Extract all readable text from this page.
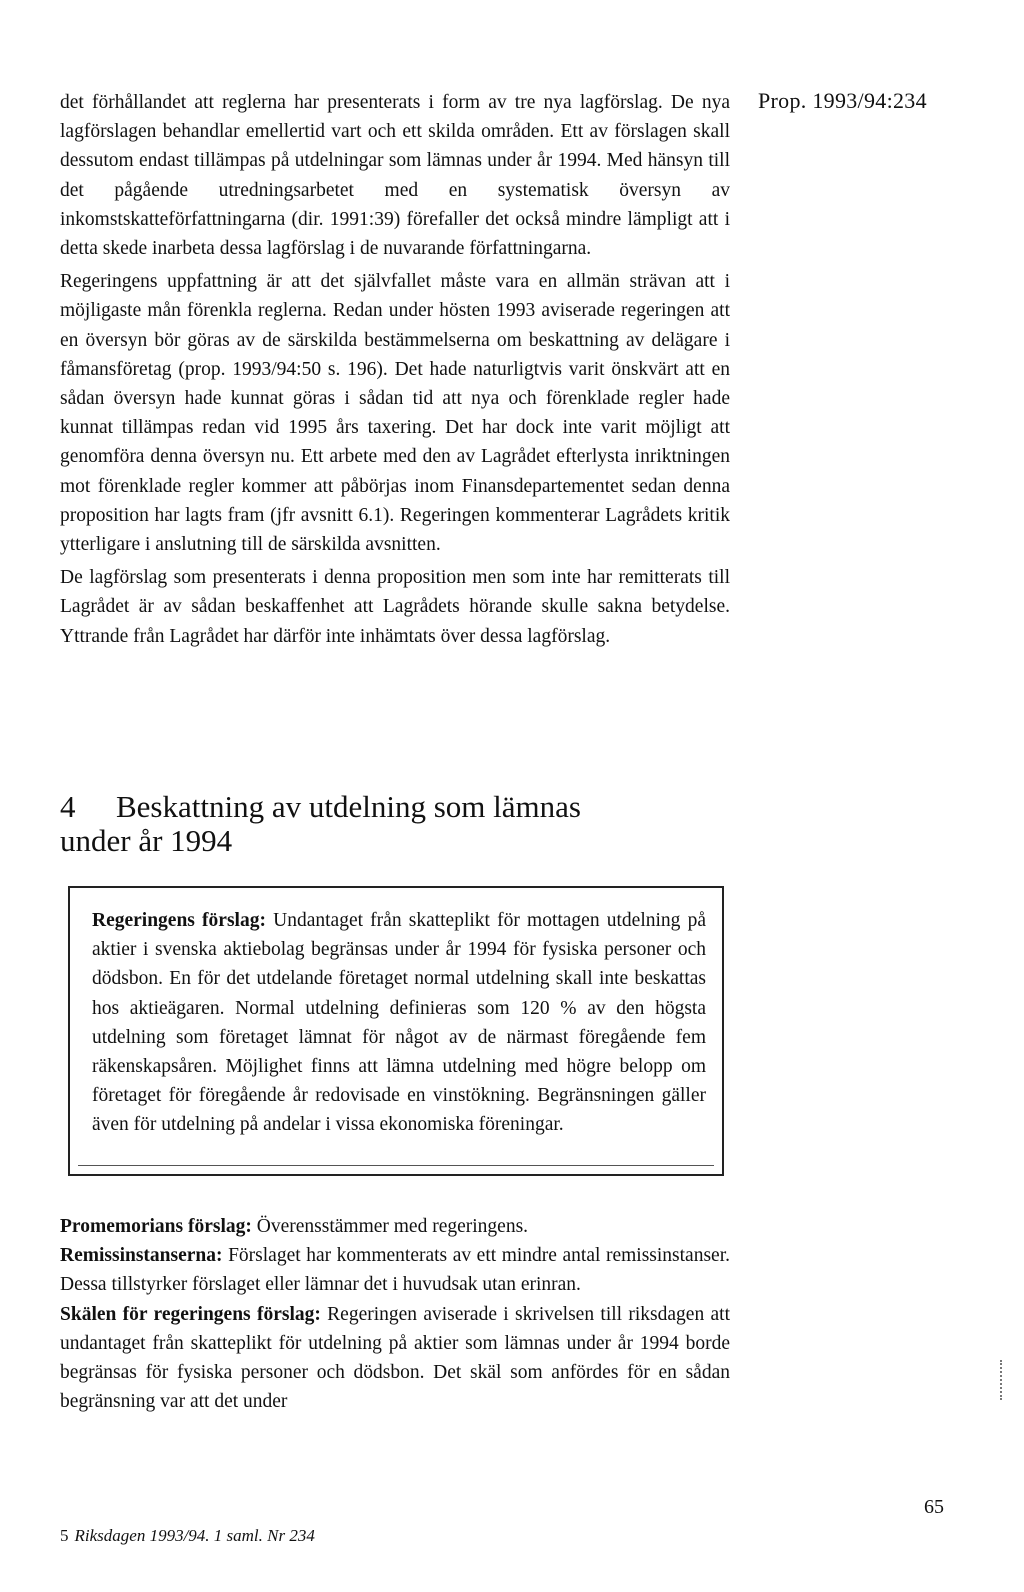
Prop. 1993/94:234

det förhållandet att reglerna har presenterats i form av tre nya lagförslag. De nya lagförslagen behandlar emellertid vart och ett skilda områden. Ett av förslagen skall dessutom endast tillämpas på utdelningar som lämnas under år 1994. Med hänsyn till det pågående utredningsarbetet med en systematisk översyn av inkomstskatteförfattningarna (dir. 1991:39) förefaller det också mindre lämpligt att i detta skede inarbeta dessa lagförslag i de nuvarande författningarna.

Regeringens uppfattning är att det självfallet måste vara en allmän strävan att i möjligaste mån förenkla reglerna. Redan under hösten 1993 aviserade regeringen att en översyn bör göras av de särskilda bestämmelserna om beskattning av delägare i fåmansföretag (prop. 1993/94:50 s. 196). Det hade naturligtvis varit önskvärt att en sådan översyn hade kunnat göras i sådan tid att nya och förenklade regler hade kunnat tillämpas redan vid 1995 års taxering. Det har dock inte varit möjligt att genomföra denna översyn nu. Ett arbete med den av Lagrådet efterlysta inriktningen mot förenklade regler kommer att påbörjas inom Finansdepartementet sedan denna proposition har lagts fram (jfr avsnitt 6.1). Regeringen kommenterar Lagrådets kritik ytterligare i anslutning till de särskilda avsnitten.

De lagförslag som presenterats i denna proposition men som inte har remitterats till Lagrådet är av sådan beskaffenhet att Lagrådets hörande skulle sakna betydelse. Yttrande från Lagrådet har därför inte inhämtats över dessa lagförslag.

4 Beskattning av utdelning som lämnas
under år 1994
Regeringens förslag: Undantaget från skatteplikt för mottagen utdelning på aktier i svenska aktiebolag begränsas under år 1994 för fysiska personer och dödsbon. En för det utdelande företaget normal utdelning skall inte beskattas hos aktieägaren. Normal utdelning definieras som 120 % av den högsta utdelning som företaget lämnat för något av de närmast föregående fem räkenskapsåren. Möjlighet finns att lämna utdelning med högre belopp om företaget för föregående år redovisade en vinstökning. Begränsningen gäller även för utdelning på andelar i vissa ekonomiska föreningar.

Promemorians förslag: Överensstämmer med regeringens.

Remissinstanserna: Förslaget har kommenterats av ett mindre antal remissinstanser. Dessa tillstyrker förslaget eller lämnar det i huvudsak utan erinran.

Skälen för regeringens förslag: Regeringen aviserade i skrivelsen till riksdagen att undantaget från skatteplikt för utdelning på aktier som lämnas under år 1994 borde begränsas för fysiska personer och dödsbon. Det skäl som anfördes för en sådan begränsning var att det under

65
5 Riksdagen 1993/94. 1 saml. Nr 234
